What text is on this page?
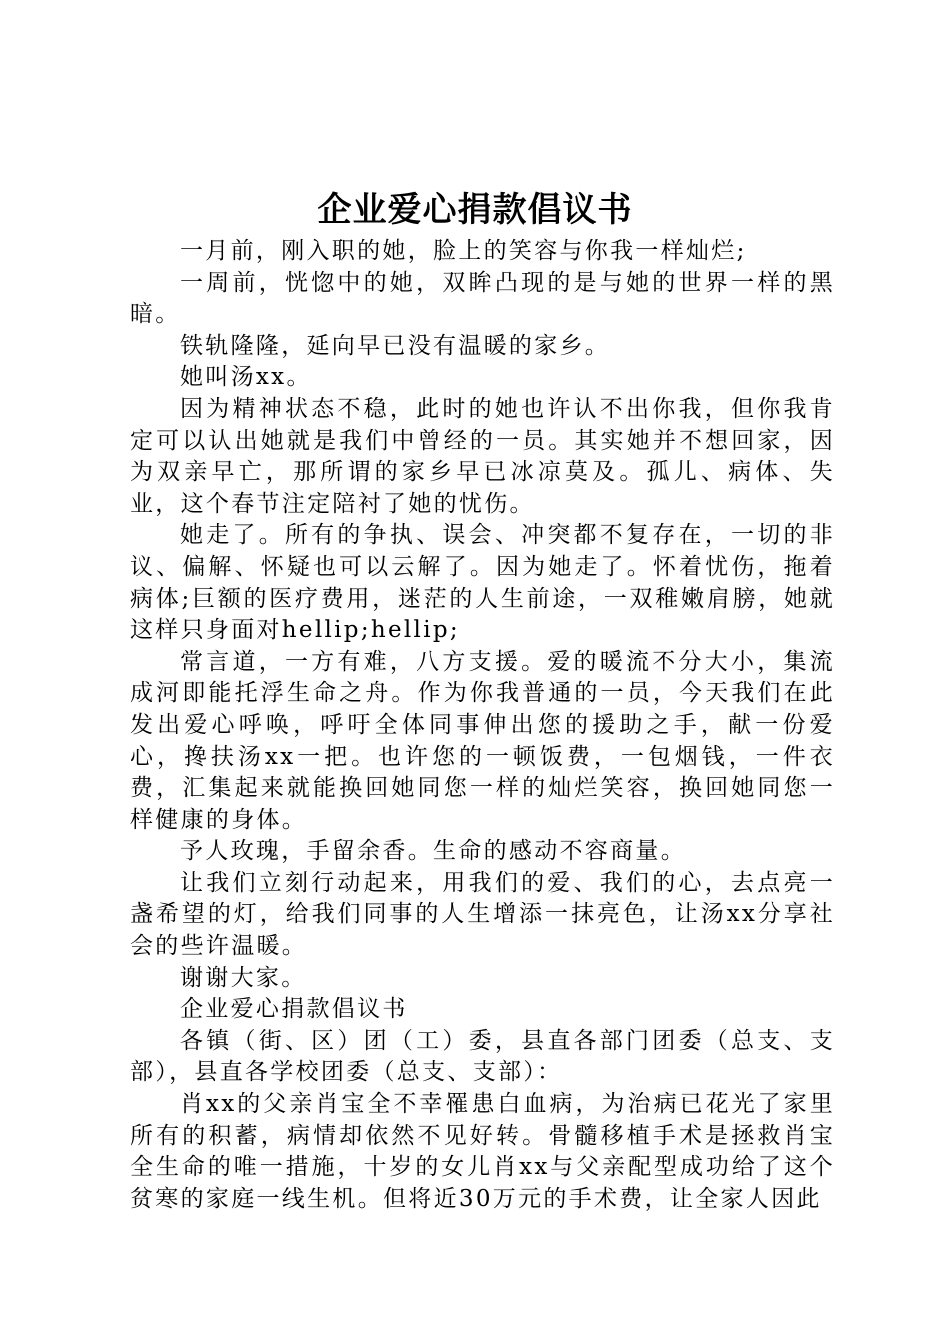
企业爱心捐款倡议书

一月前，刚入职的她，脸上的笑容与你我一样灿烂;

一周前，恍惚中的她，双眸凸现的是与她的世界一样的黑暗。

铁轨隆隆，延向早已没有温暖的家乡。

她叫汤xx。

因为精神状态不稳，此时的她也许认不出你我，但你我肯定可以认出她就是我们中曾经的一员。其实她并不想回家，因为双亲早亡，那所谓的家乡早已冰凉莫及。孤儿、病体、失业，这个春节注定陪衬了她的忧伤。

她走了。所有的争执、误会、冲突都不复存在，一切的非议、偏解、怀疑也可以云解了。因为她走了。怀着忧伤，拖着病体;巨额的医疗费用，迷茫的人生前途，一双稚嫩肩膀，她就这样只身面对hellip;hellip;

常言道，一方有难，八方支援。爱的暖流不分大小，集流成河即能托浮生命之舟。作为你我普通的一员，今天我们在此发出爱心呼唤，呼吁全体同事伸出您的援助之手，献一份爱心，搀扶汤xx一把。也许您的一顿饭费，一包烟钱，一件衣费，汇集起来就能换回她同您一样的灿烂笑容，换回她同您一样健康的身体。

予人玫瑰，手留余香。生命的感动不容商量。

让我们立刻行动起来，用我们的爱、我们的心，去点亮一盏希望的灯，给我们同事的人生增添一抹亮色，让汤xx分享社会的些许温暖。

谢谢大家。

企业爱心捐款倡议书

各镇（街、区）团（工）委，县直各部门团委（总支、支部），县直各学校团委（总支、支部）：

肖xx的父亲肖宝全不幸罹患白血病，为治病已花光了家里所有的积蓄，病情却依然不见好转。骨髓移植手术是拯救肖宝全生命的唯一措施，十岁的女儿肖xx与父亲配型成功给了这个贫寒的家庭一线生机。但将近30万元的手术费，让全家人因此
